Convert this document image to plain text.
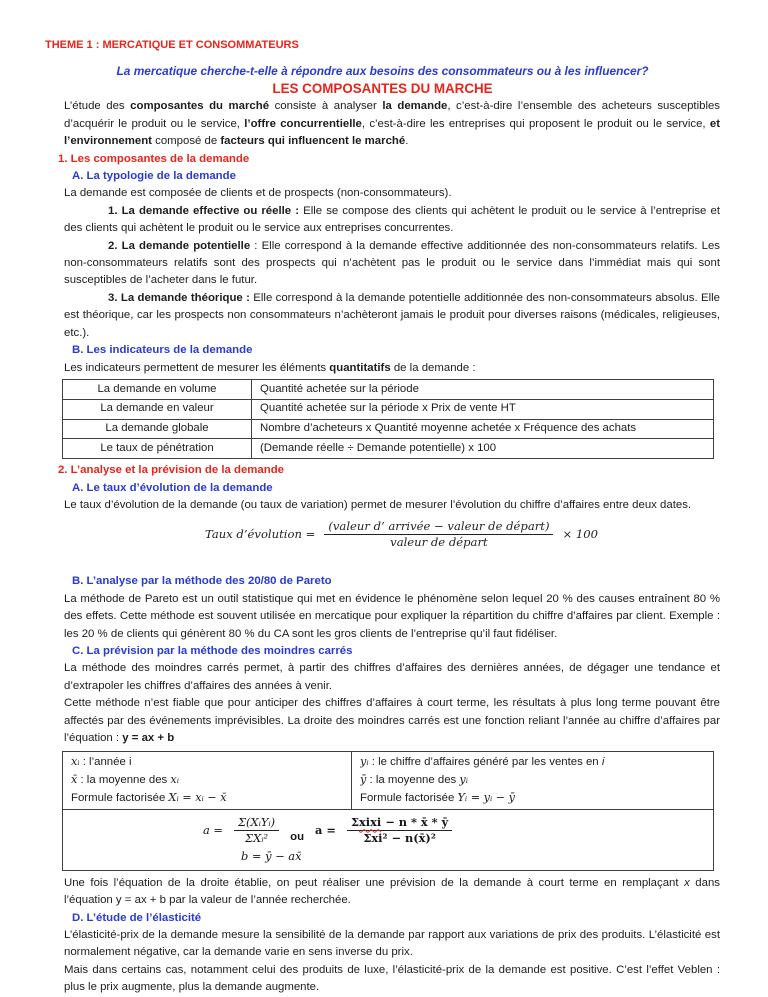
THEME 1 : MERCATIQUE ET CONSOMMATEURS
La mercatique cherche-t-elle à répondre aux besoins des consommateurs ou à les influencer?
LES COMPOSANTES DU MARCHE
L’étude des composantes du marché consiste à analyser la demande, c’est-à-dire l’ensemble des acheteurs susceptibles d’acquérir le produit ou le service, l’offre concurrentielle, c’est-à-dire les entreprises qui proposent le produit ou le service, et l’environnement composé de facteurs qui influencent le marché.
1. Les composantes de la demande
A. La typologie de la demande
La demande est composée de clients et de prospects (non-consommateurs).
1. La demande effective ou réelle : Elle se compose des clients qui achètent le produit ou le service à l’entreprise et des clients qui achètent le produit ou le service aux entreprises concurrentes.
2. La demande potentielle : Elle correspond à la demande effective additionnée des non-consommateurs relatifs. Les non-consommateurs relatifs sont des prospects qui n’achètent pas le produit ou le service dans l’immédiat mais qui sont susceptibles de l’acheter dans le futur.
3. La demande théorique : Elle correspond à la demande potentielle additionnée des non-consommateurs absolus. Elle est théorique, car les prospects non consommateurs n’achèteront jamais le produit pour diverses raisons (médicales, religieuses, etc.).
B. Les indicateurs de la demande
Les indicateurs permettent de mesurer les éléments quantitatifs de la demande :
La demande en volume	Quantité achetée sur la période
La demande en valeur	Quantité achetée sur la période x Prix de vente HT
La demande globale	Nombre d’acheteurs x Quantité moyenne achetée x Fréquence des achats
Le taux de pénétration	(Demande réelle ÷ Demande potentielle) x 100
2. L’analyse et la prévision de la demande
A. Le taux d’évolution de la demande
Le taux d’évolution de la demande (ou taux de variation) permet de mesurer l’évolution du chiffre d’affaires entre deux dates.
Taux d’évolution = $\frac{\text{(valeur d’ arrivée − valeur de départ)}}{\text{valeur de départ}} \times 100$
B. L’analyse par la méthode des 20/80 de Pareto
La méthode de Pareto est un outil statistique qui met en évidence le phénomène selon lequel 20 % des causes entraînent 80 % des effets. Cette méthode est souvent utilisée en mercatique pour expliquer la répartition du chiffre d’affaires par client. Exemple : les 20 % de clients qui génèrent 80 % du CA sont les gros clients de l’entreprise qu’il faut fidéliser.
C. La prévision par la méthode des moindres carrés
La méthode des moindres carrés permet, à partir des chiffres d’affaires des dernières années, de dégager une tendance et d’extrapoler les chiffres d’affaires des années à venir.
Cette méthode n’est fiable que pour anticiper des chiffres d’affaires à court terme, les résultats à plus long terme pouvant être affectés par des événements imprévisibles. La droite des moindres carrés est une fonction reliant l’année au chiffre d’affaires par l’équation : y = ax + b
xᵢ : l’année i
x̄ : la moyenne des xᵢ
Formule factorisée Xᵢ = xᵢ − x̄

yᵢ : le chiffre d’affaires généré par les ventes en i
ȳ : la moyenne des yᵢ
Formule factorisée Yᵢ = yᵢ − ȳ

$a = \frac{\text{Σ(XᵢYᵢ)}}{\text{ΣXᵢ²}}$ ou $a = \frac{\text{Σxixi − n * x̄ * ȳ}}{\text{Σxi² − n(x̄)²}}$
b = ȳ − ax̄
Une fois l’équation de la droite établie, on peut réaliser une prévision de la demande à court terme en remplaçant x dans l’équation y = ax + b par la valeur de l’année recherchée.
D. L’étude de l’élasticité
L’élasticité-prix de la demande mesure la sensibilité de la demande par rapport aux variations de prix des produits. L’élasticité est normalement négative, car la demande varie en sens inverse du prix.
Mais dans certains cas, notamment celui des produits de luxe, l’élasticité-prix de la demande est positive. C’est l’effet Veblen : plus le prix augmente, plus la demande augmente.
